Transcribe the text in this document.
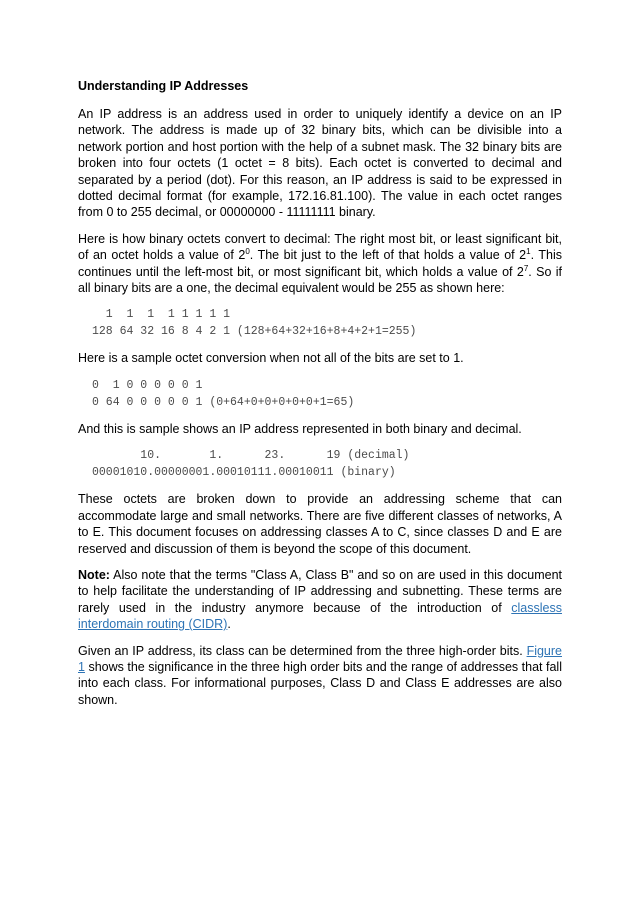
Understanding IP Addresses

An IP address is an address used in order to uniquely identify a device on an IP network. The address is made up of 32 binary bits, which can be divisible into a network portion and host portion with the help of a subnet mask. The 32 binary bits are broken into four octets (1 octet = 8 bits). Each octet is converted to decimal and separated by a period (dot). For this reason, an IP address is said to be expressed in dotted decimal format (for example, 172.16.81.100). The value in each octet ranges from 0 to 255 decimal, or 00000000 - 11111111 binary.

Here is how binary octets convert to decimal: The right most bit, or least significant bit, of an octet holds a value of $2^0$. The bit just to the left of that holds a value of $2^1$. This continues until the left-most bit, or most significant bit, which holds a value of $2^7$. So if all binary bits are a one, the decimal equivalent would be 255 as shown here:

1  1  1  1 1 1 1 1
128 64 32 16 8 4 2 1 (128+64+32+16+8+4+2+1=255)

Here is a sample octet conversion when not all of the bits are set to 1.

0  1 0 0 0 0 0 1
0 64 0 0 0 0 0 1 (0+64+0+0+0+0+0+1=65)

And this is sample shows an IP address represented in both binary and decimal.

10.       1.      23.      19 (decimal)
00001010.00000001.00010111.00010011 (binary)

These octets are broken down to provide an addressing scheme that can accommodate large and small networks. There are five different classes of networks, A to E. This document focuses on addressing classes A to C, since classes D and E are reserved and discussion of them is beyond the scope of this document.

Note: Also note that the terms "Class A, Class B" and so on are used in this document to help facilitate the understanding of IP addressing and subnetting. These terms are rarely used in the industry anymore because of the introduction of classless interdomain routing (CIDR).

Given an IP address, its class can be determined from the three high-order bits. Figure 1 shows the significance in the three high order bits and the range of addresses that fall into each class. For informational purposes, Class D and Class E addresses are also shown.
